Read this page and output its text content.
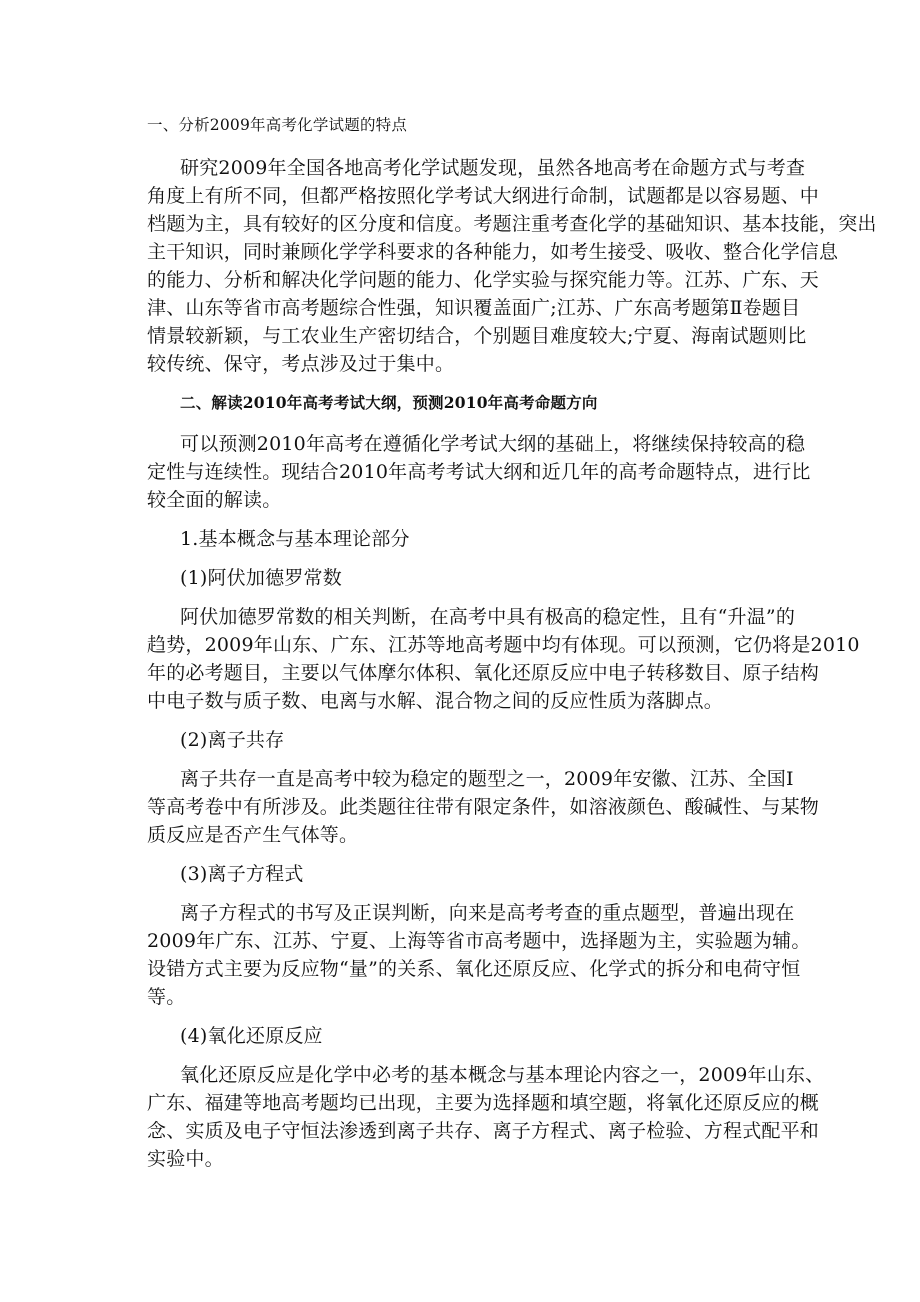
一、分析2009年高考化学试题的特点
研究2009年全国各地高考化学试题发现，虽然各地高考在命题方式与考查
角度上有所不同，但都严格按照化学考试大纲进行命制，试题都是以容易题、中
档题为主，具有较好的区分度和信度。考题注重考查化学的基础知识、基本技能，突出
主干知识，同时兼顾化学学科要求的各种能力，如考生接受、吸收、整合化学信息
的能力、分析和解决化学问题的能力、化学实验与探究能力等。江苏、广东、天
津、山东等省市高考题综合性强，知识覆盖面广;江苏、广东高考题第Ⅱ卷题目
情景较新颖，与工农业生产密切结合，个别题目难度较大;宁夏、海南试题则比
较传统、保守，考点涉及过于集中。
二、解读2010年高考考试大纲，预测2010年高考命题方向
可以预测2010年高考在遵循化学考试大纲的基础上，将继续保持较高的稳
定性与连续性。现结合2010年高考考试大纲和近几年的高考命题特点，进行比
较全面的解读。
1.基本概念与基本理论部分
(1)阿伏加德罗常数
阿伏加德罗常数的相关判断，在高考中具有极高的稳定性，且有“升温”的
趋势，2009年山东、广东、江苏等地高考题中均有体现。可以预测，它仍将是2010
年的必考题目，主要以气体摩尔体积、氧化还原反应中电子转移数目、原子结构
中电子数与质子数、电离与水解、混合物之间的反应性质为落脚点。
(2)离子共存
离子共存一直是高考中较为稳定的题型之一，2009年安徽、江苏、全国Ⅰ
等高考卷中有所涉及。此类题往往带有限定条件，如溶液颜色、酸碱性、与某物
质反应是否产生气体等。
(3)离子方程式
离子方程式的书写及正误判断，向来是高考考查的重点题型，普遍出现在
2009年广东、江苏、宁夏、上海等省市高考题中，选择题为主，实验题为辅。
设错方式主要为反应物“量”的关系、氧化还原反应、化学式的拆分和电荷守恒
等。
(4)氧化还原反应
氧化还原反应是化学中必考的基本概念与基本理论内容之一，2009年山东、
广东、福建等地高考题均已出现，主要为选择题和填空题，将氧化还原反应的概
念、实质及电子守恒法渗透到离子共存、离子方程式、离子检验、方程式配平和
实验中。
